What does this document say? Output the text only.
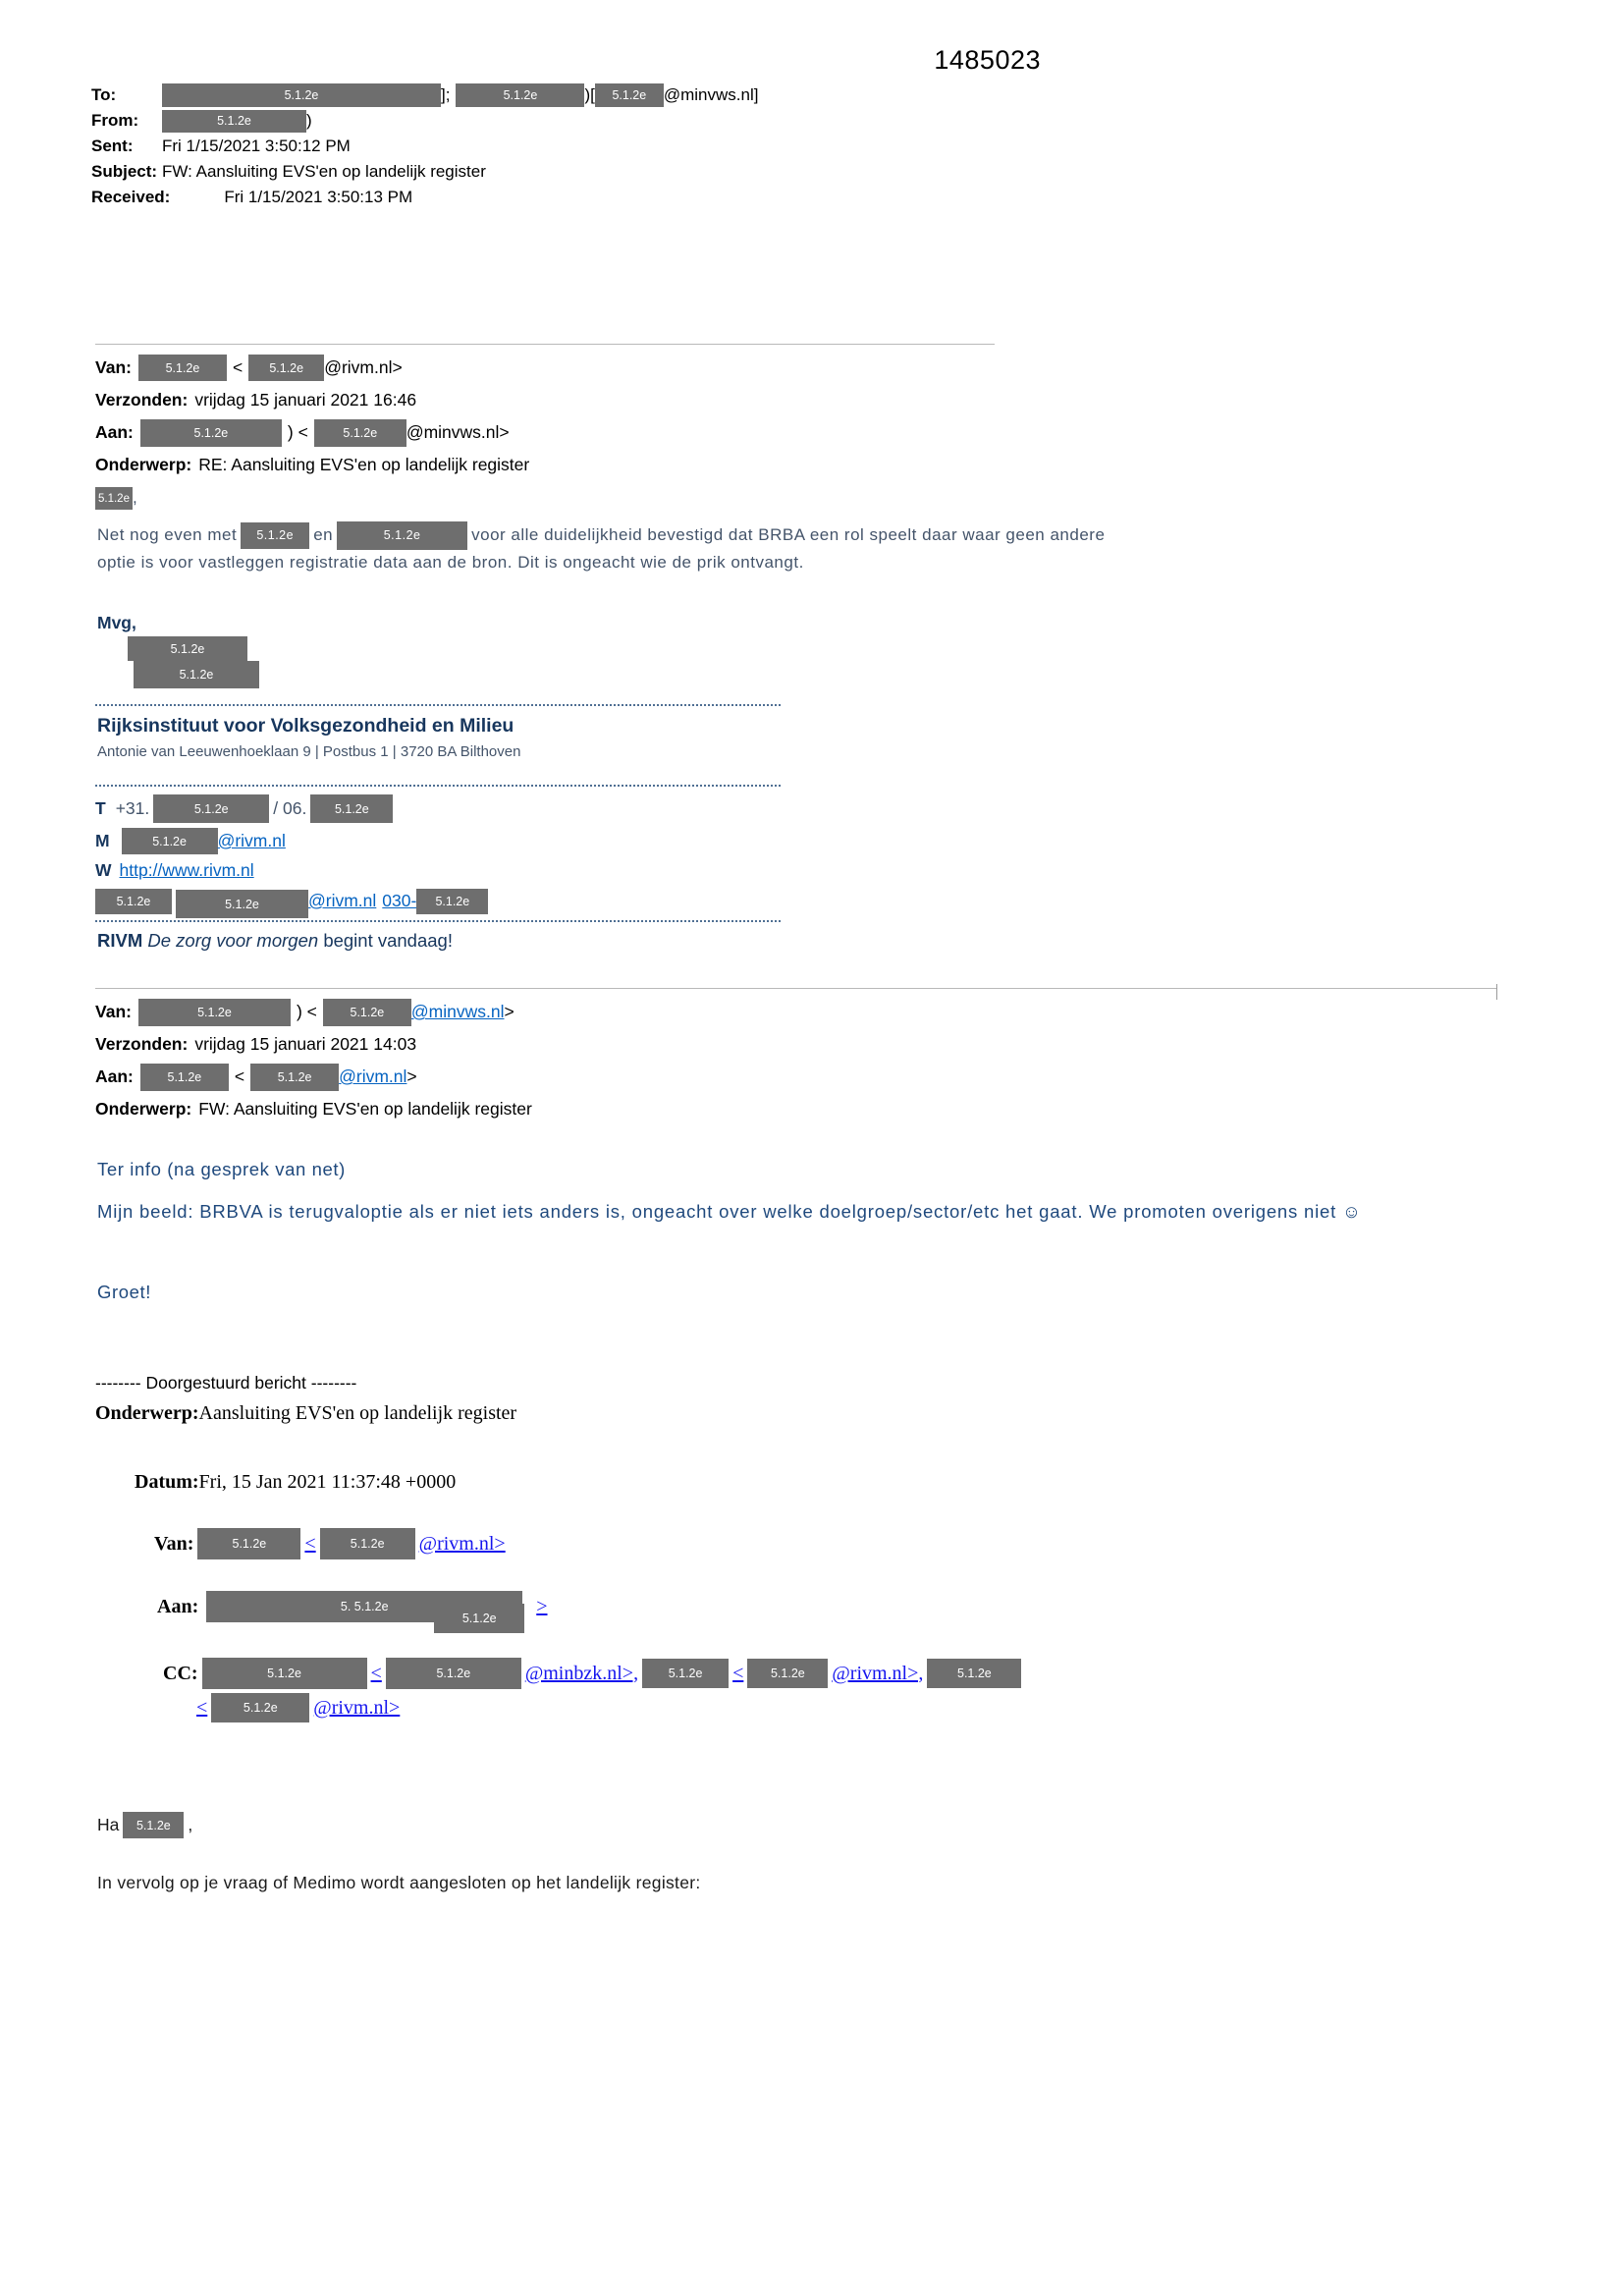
1485023
To:	5.1.2e	];	5.1.2e	)[	5.1.2e	@minvws.nl]
From:	5.1.2e	)
Sent:	Fri 1/15/2021 3:50:12 PM
Subject: FW: Aansluiting EVS'en op landelijk register
Received:	Fri 1/15/2021 3:50:13 PM
Van:	5.1.2e	<	5.1.2e	@rivm.nl>
Verzonden: vrijdag 15 januari 2021 16:46
Aan:	5.1.2e	) <	5.1.2e	@minvws.nl>
Onderwerp: RE: Aansluiting EVS'en op landelijk register
5.1.2e ,
Net nog even met 5.1.2e en	5.1.2e	voor alle duidelijkheid bevestigd dat BRBA een rol speelt daar waar geen andere optie is voor vastleggen registratie data aan de bron. Dit is ongeacht wie de prik ontvangt.
Mvg,
5.1.2e
5.1.2e
Rijksinstituut voor Volksgezondheid en Milieu
Antonie van Leeuwenhoeklaan 9 | Postbus 1 | 3720 BA Bilthoven
T +31.	5.1.2e	/ 06.	5.1.2e
M	5.1.2e	@rivm.nl
W http://www.rivm.nl
5.1.2e	5.1.2e	@rivm.nl 030-	5.1.2e
RIVM De zorg voor morgen begint vandaag!
Van:	5.1.2e	) <	5.1.2e	@minvws.nl >
Verzonden: vrijdag 15 januari 2021 14:03
Aan:	5.1.2e	<	5.1.2e	@rivm.nl >
Onderwerp: FW: Aansluiting EVS'en op landelijk register
Ter info (na gesprek van net)
Mijn beeld: BRBVA is terugvaloptie als er niet iets anders is, ongeacht over welke doelgroep/sector/etc het gaat. We promoten overigens niet ☺
Groet!
-------- Doorgestuurd bericht --------
Onderwerp:Aansluiting EVS'en op landelijk register
Datum:Fri, 15 Jan 2021 11:37:48 +0000
Van:	5.1.2e	<	5.1.2e	@rivm.nl>
Aan:	5. 5.1.2e
5.1.2e
>
CC:	5.1.2e	<	5.1.2e	@minbzk.nl>,	5.1.2e	<	5.1.2e	@rivm.nl>,	5.1.2e
<	5.1.2e	@rivm.nl>
Ha	5.1.2e	,
In vervolg op je vraag of Medimo wordt aangesloten op het landelijk register:
